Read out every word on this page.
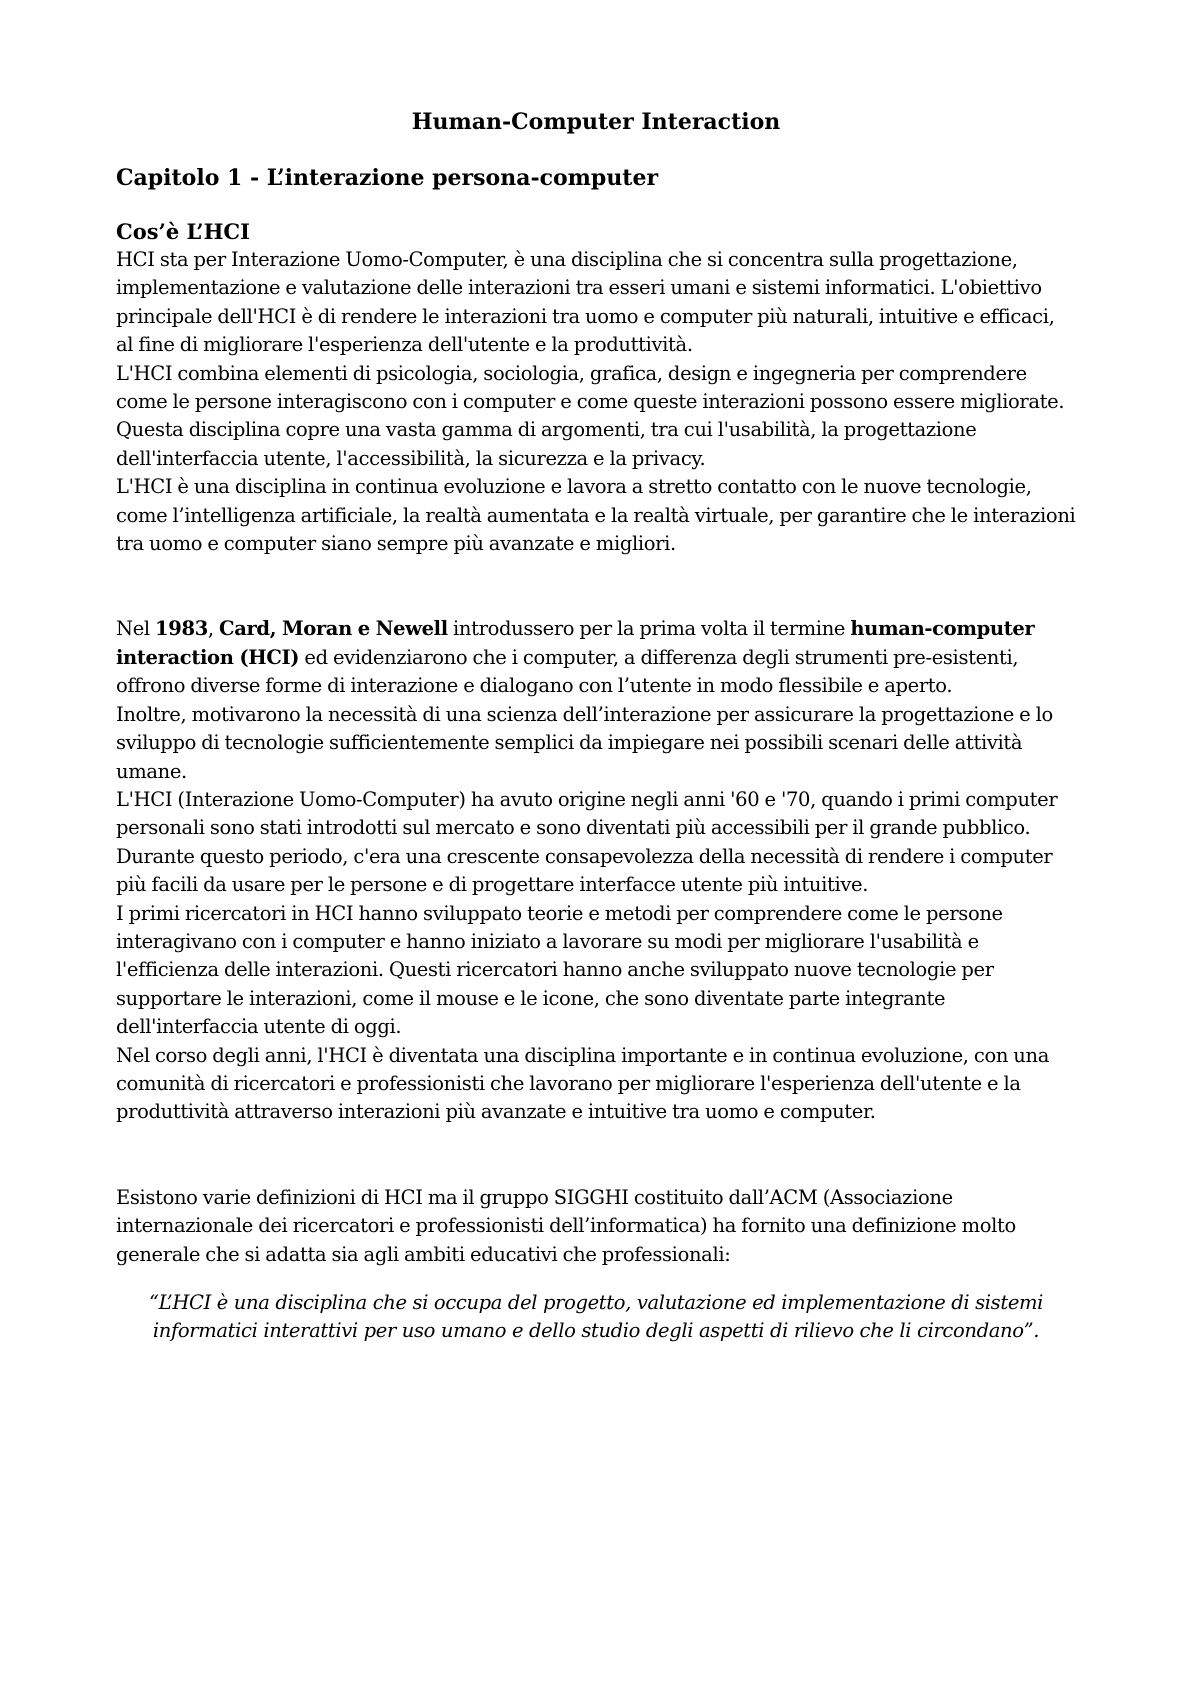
Human-Computer Interaction
Capitolo 1 - L’interazione persona-computer
Cos’è L’HCI

HCI sta per Interazione Uomo-Computer, è una disciplina che si concentra sulla progettazione, implementazione e valutazione delle interazioni tra esseri umani e sistemi informatici. L'obiettivo principale dell'HCI è di rendere le interazioni tra uomo e computer più naturali, intuitive e efficaci, al fine di migliorare l'esperienza dell'utente e la produttività.

L'HCI combina elementi di psicologia, sociologia, grafica, design e ingegneria per comprendere come le persone interagiscono con i computer e come queste interazioni possono essere migliorate. Questa disciplina copre una vasta gamma di argomenti, tra cui l'usabilità, la progettazione dell'interfaccia utente, l'accessibilità, la sicurezza e la privacy.

L'HCI è una disciplina in continua evoluzione e lavora a stretto contatto con le nuove tecnologie, come l’intelligenza artificiale, la realtà aumentata e la realtà virtuale, per garantire che le interazioni tra uomo e computer siano sempre più avanzate e migliori.

Nel 1983, Card, Moran e Newell introdussero per la prima volta il termine human-computer interaction (HCI) ed evidenziarono che i computer, a differenza degli strumenti pre-esistenti, offrono diverse forme di interazione e dialogano con l’utente in modo flessibile e aperto.

Inoltre, motivarono la necessità di una scienza dell’interazione per assicurare la progettazione e lo sviluppo di tecnologie sufficientemente semplici da impiegare nei possibili scenari delle attività umane.

L'HCI (Interazione Uomo-Computer) ha avuto origine negli anni '60 e '70, quando i primi computer personali sono stati introdotti sul mercato e sono diventati più accessibili per il grande pubblico. Durante questo periodo, c'era una crescente consapevolezza della necessità di rendere i computer più facili da usare per le persone e di progettare interfacce utente più intuitive.

I primi ricercatori in HCI hanno sviluppato teorie e metodi per comprendere come le persone interagivano con i computer e hanno iniziato a lavorare su modi per migliorare l'usabilità e l'efficienza delle interazioni. Questi ricercatori hanno anche sviluppato nuove tecnologie per supportare le interazioni, come il mouse e le icone, che sono diventate parte integrante dell'interfaccia utente di oggi.

Nel corso degli anni, l'HCI è diventata una disciplina importante e in continua evoluzione, con una comunità di ricercatori e professionisti che lavorano per migliorare l'esperienza dell'utente e la produttività attraverso interazioni più avanzate e intuitive tra uomo e computer.

Esistono varie definizioni di HCI ma il gruppo SIGGHI costituito dall’ACM (Associazione internazionale dei ricercatori e professionisti dell’informatica) ha fornito una definizione molto generale che si adatta sia agli ambiti educativi che professionali:

“L’HCI è una disciplina che si occupa del progetto, valutazione ed implementazione di sistemi informatici interattivi per uso umano e dello studio degli aspetti di rilievo che li circondano”.
